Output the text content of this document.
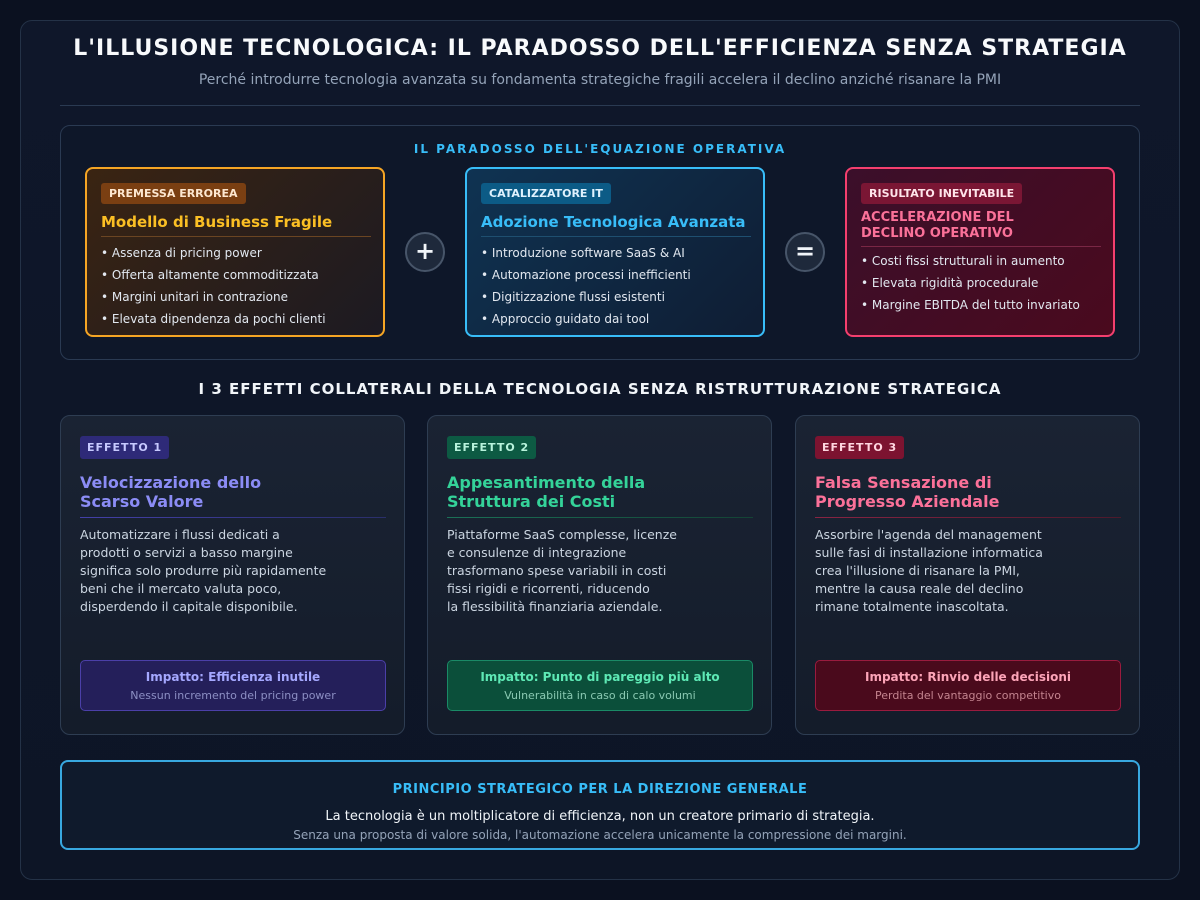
L'ILLUSIONE TECNOLOGICA: IL PARADOSSO DELL'EFFICIENZA SENZA STRATEGIA
Perché introdurre tecnologia avanzata su fondamenta strategiche fragili accelera il declino anziché risanare la PMI
IL PARADOSSO DELL'EQUAZIONE OPERATIVA
PREMESSA ERROREA
Modello di Business Fragile
• Assenza di pricing power
• Offerta altamente commoditizzata
• Margini unitari in contrazione
• Elevata dipendenza da pochi clienti
+
CATALIZZATORE IT
Adozione Tecnologica Avanzata
• Introduzione software SaaS & AI
• Automazione processi inefficienti
• Digitizzazione flussi esistenti
• Approccio guidato dai tool
=
RISULTATO INEVITABILE
ACCELERAZIONE DEL
DECLINO OPERATIVO
• Costi fissi strutturali in aumento
• Elevata rigidità procedurale
• Margine EBITDA del tutto invariato
I 3 EFFETTI COLLATERALI DELLA TECNOLOGIA SENZA RISTRUTTURAZIONE STRATEGICA
EFFETTO 1
Velocizzazione dello
Scarso Valore
Automatizzare i flussi dedicati a
prodotti o servizi a basso margine
significa solo produrre più rapidamente
beni che il mercato valuta poco,
disperdendo il capitale disponibile.
Impatto: Efficienza inutile
Nessun incremento del pricing power
EFFETTO 2
Appesantimento della
Struttura dei Costi
Piattaforme SaaS complesse, licenze
e consulenze di integrazione
trasformano spese variabili in costi
fissi rigidi e ricorrenti, riducendo
la flessibilità finanziaria aziendale.
Impatto: Punto di pareggio più alto
Vulnerabilità in caso di calo volumi
EFFETTO 3
Falsa Sensazione di
Progresso Aziendale
Assorbire l'agenda del management
sulle fasi di installazione informatica
crea l'illusione di risanare la PMI,
mentre la causa reale del declino
rimane totalmente inascoltata.
Impatto: Rinvio delle decisioni
Perdita del vantaggio competitivo
PRINCIPIO STRATEGICO PER LA DIREZIONE GENERALE
La tecnologia è un moltiplicatore di efficienza, non un creatore primario di strategia.
Senza una proposta di valore solida, l'automazione accelera unicamente la compressione dei margini.
